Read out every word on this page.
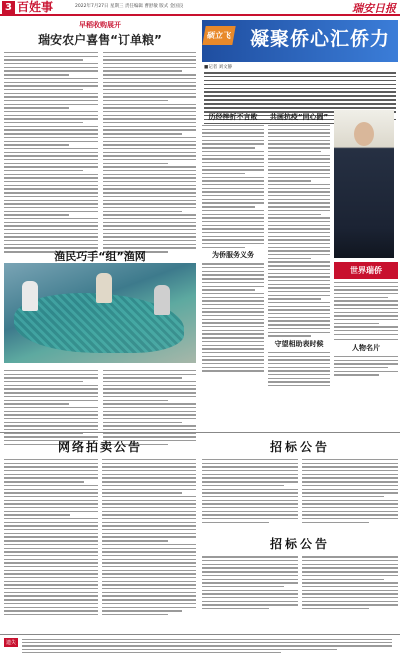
3 百姓事	2022年7月27日 星期三 责任编辑 曹舒敏 版式 金国良	瑞安日报
早稻收购展开
瑞安农户喜售“订单粮”
渔民巧手“组”渔网
硕立飞 凝聚侨心汇侨力
■记者 刘文静
历经挫折不言败
为侨服务义务
共画抗疫“同心圆”
守望相助表时候
世界瑞侨
人物名片
网络拍卖公告	招标公告
招标公告
遗失
